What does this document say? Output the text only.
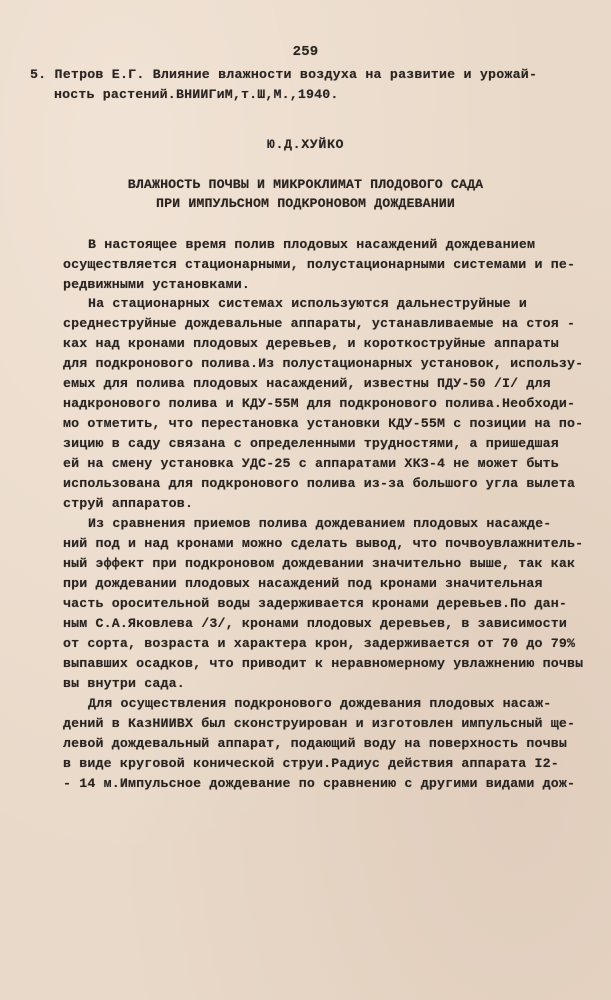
259
5. Петров Е.Г. Влияние влажности воздуха на развитие и урожай-
ность растений.ВНИИГиМ,т.Ш,М.,1940.
Ю.Д.ХУЙКО
ВЛАЖНОСТЬ ПОЧВЫ И МИКРОКЛИМАТ ПЛОДОВОГО САДА
ПРИ ИМПУЛЬСНОМ ПОДКРОНОВОМ ДОЖДЕВАНИИ
В настоящее время полив плодовых насаждений дождеванием
осуществляется стационарными, полустационарными системами и пе-
редвижными установками.
На стационарных системах используются дальнеструйные и
среднеструйные дождевальные аппараты, устанавливаемые на стоя -
ках над кронами плодовых деревьев, и короткоструйные аппараты
для подкронового полива.Из полустационарных установок, использу-
емых для полива плодовых насаждений, известны ПДУ-50 /I/ для
надкронового полива и КДУ-55М для подкронового полива.Необходи-
мо отметить, что перестановка установки КДУ-55М с позиции на по-
зицию в саду связана с определенными трудностями, а пришедшая
ей на смену установка УДС-25 с аппаратами ХКЗ-4 не может быть
использована для подкронового полива из-за большого угла вылета
струй аппаратов.
Из сравнения приемов полива дождеванием плодовых насажде-
ний под и над кронами можно сделать вывод, что почвоувлажнитель-
ный эффект при подкроновом дождевании значительно выше, так как
при дождевании плодовых насаждений под кронами значительная
часть оросительной воды задерживается кронами деревьев.По дан-
ным С.А.Яковлева /3/, кронами плодовых деревьев, в зависимости
от сорта, возраста и характера крон, задерживается от 70 до 79%
выпавших осадков, что приводит к неравномерному увлажнению почвы
вы внутри сада.
Для осуществления подкронового дождевания плодовых насаж-
дений в КазНИИВХ был сконструирован и изготовлен импульсный ще-
левой дождевальный аппарат, подающий воду на поверхность почвы
в виде круговой конической струи.Радиус действия аппарата I2-
- 14 м.Импульсное дождевание по сравнению с другими видами дож-
